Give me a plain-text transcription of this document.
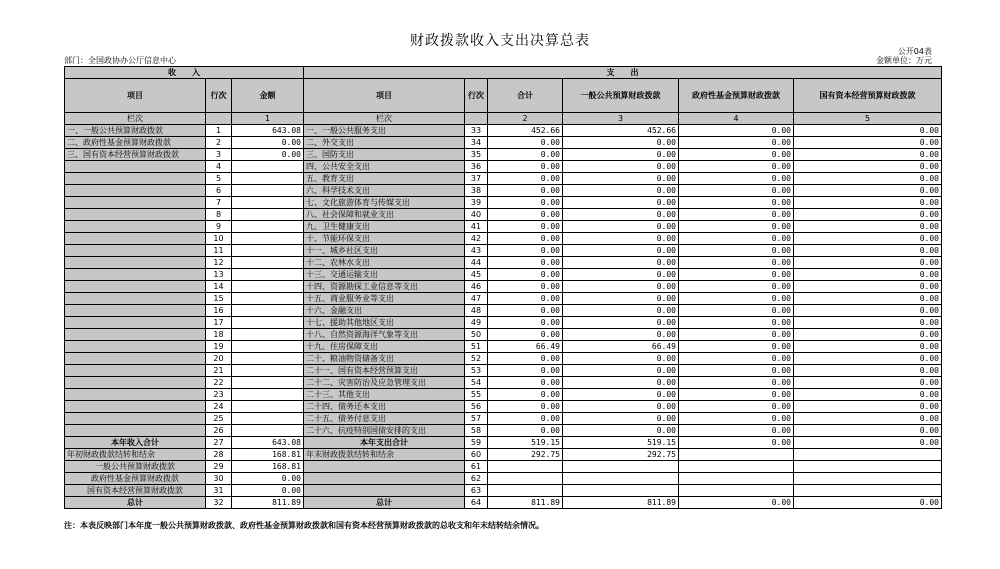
财政拨款收入支出决算总表
公开04表
部门：全国政协办公厅信息中心	金额单位：万元
收　　入			支　　出					
项目	行次	金额	项目	行次	合计	一般公共预算财政拨款	政府性基金预算财政拨款	国有资本经营预算财政拨款
栏次		1	栏次		2	3	4	5
一、一般公共预算财政拨款	1	643.08	一、一般公共服务支出	33	452.66	452.66	0.00	0.00
二、政府性基金预算财政拨款	2	0.00	二、外交支出	34	0.00	0.00	0.00	0.00
三、国有资本经营预算财政拨款	3	0.00	三、国防支出	35	0.00	0.00	0.00	0.00
	4		四、公共安全支出	36	0.00	0.00	0.00	0.00
	5		五、教育支出	37	0.00	0.00	0.00	0.00
	6		六、科学技术支出	38	0.00	0.00	0.00	0.00
	7		七、文化旅游体育与传媒支出	39	0.00	0.00	0.00	0.00
	8		八、社会保障和就业支出	40	0.00	0.00	0.00	0.00
	9		九、卫生健康支出	41	0.00	0.00	0.00	0.00
	10		十、节能环保支出	42	0.00	0.00	0.00	0.00
	11		十一、城乡社区支出	43	0.00	0.00	0.00	0.00
	12		十二、农林水支出	44	0.00	0.00	0.00	0.00
	13		十三、交通运输支出	45	0.00	0.00	0.00	0.00
	14		十四、资源勘探工业信息等支出	46	0.00	0.00	0.00	0.00
	15		十五、商业服务业等支出	47	0.00	0.00	0.00	0.00
	16		十六、金融支出	48	0.00	0.00	0.00	0.00
	17		十七、援助其他地区支出	49	0.00	0.00	0.00	0.00
	18		十八、自然资源海洋气象等支出	50	0.00	0.00	0.00	0.00
	19		十九、住房保障支出	51	66.49	66.49	0.00	0.00
	20		二十、粮油物资储备支出	52	0.00	0.00	0.00	0.00
	21		二十一、国有资本经营预算支出	53	0.00	0.00	0.00	0.00
	22		二十二、灾害防治及应急管理支出	54	0.00	0.00	0.00	0.00
	23		二十三、其他支出	55	0.00	0.00	0.00	0.00
	24		二十四、债务还本支出	56	0.00	0.00	0.00	0.00
	25		二十五、债务付息支出	57	0.00	0.00	0.00	0.00
	26		二十六、抗疫特别国债安排的支出	58	0.00	0.00	0.00	0.00
本年收入合计	27	643.08	本年支出合计	59	519.15	519.15	0.00	0.00
年初财政拨款结转和结余	28	168.81	年末财政拨款结转和结余	60	292.75	292.75		
一般公共预算财政拨款	29	168.81		61				
政府性基金预算财政拨款	30	0.00		62				
国有资本经营预算财政拨款	31	0.00		63				
总计	32	811.89	总计	64	811.89	811.89	0.00	0.00
注：本表反映部门本年度一般公共预算财政拨款、政府性基金预算财政拨款和国有资本经营预算财政拨款的总收支和年末结转结余情况。
